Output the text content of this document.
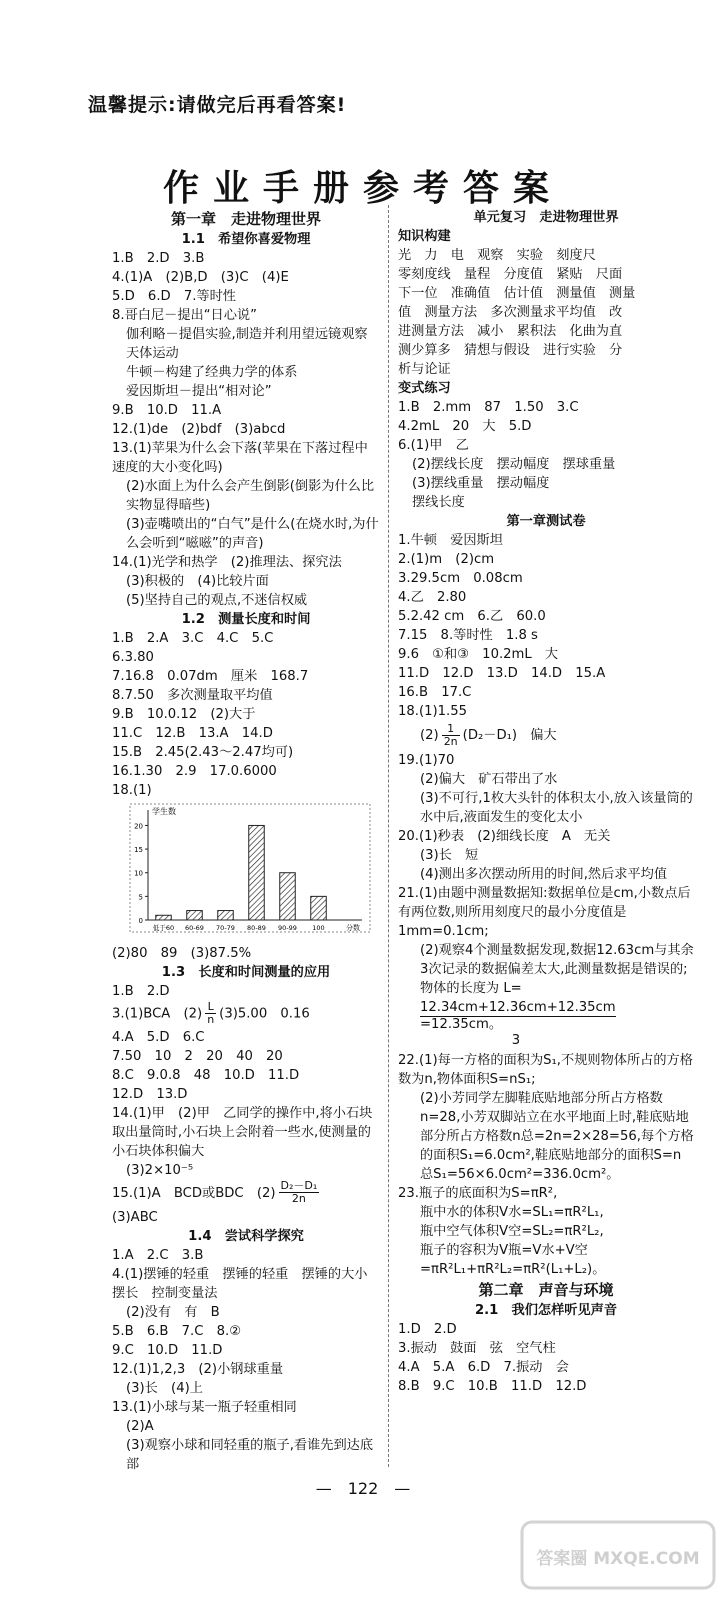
温馨提示:请做完后再看答案!
作业手册参考答案
第一章　走进物理世界
1.1　希望你喜爱物理
1.B　2.D　3.B
4.(1)A　(2)B,D　(3)C　(4)E
5.D　6.D　7.等时性
8.哥白尼－提出“日心说”
伽利略－提倡实验,制造并利用望远镜观察天体运动
牛顿－构建了经典力学的体系
爱因斯坦－提出“相对论”
9.B　10.D　11.A
12.(1)de　(2)bdf　(3)abcd
13.(1)苹果为什么会下落(苹果在下落过程中速度的大小变化吗)
(2)水面上为什么会产生倒影(倒影为什么比实物显得暗些)
(3)壶嘴喷出的“白气”是什么(在烧水时,为什么会听到“嗞嗞”的声音)
14.(1)光学和热学　(2)推理法、探究法
(3)积极的　(4)比较片面
(5)坚持自己的观点,不迷信权威
1.2　测量长度和时间
1.B　2.A　3.C　4.C　5.C
6.3.80
7.16.8　0.07dm　厘米　168.7
8.7.50　多次测量取平均值
9.B　10.0.12　(2)大于
11.C　12.B　13.A　14.D
15.B　2.45(2.43～2.47均可)
16.1.30　2.9　17.0.6000
18.(1)
学生数
0
5
10
15
20
低于60 60-69 70-79 80-89 90-99 100	分数
(2)80　89　(3)87.5%
1.3　长度和时间测量的应用
1.B　2.D
3.(1)BCA　$(2) \frac{L}{n} (3)5.00$　0.16
4.A　5.D　6.C
7.50　10　2　20　40　20
8.C　9.0.8　48　10.D　11.D
12.D　13.D
14.(1)甲　(2)甲　乙同学的操作中,将小石块取出量筒时,小石块上会附着一些水,使测量的小石块体积偏大
(3)2×10⁻⁵
15.(1)A　BCD或BDC　$(2) \frac{\text{D₂－D₁}}{2n}$
(3)ABC
1.4　尝试科学探究
1.A　2.C　3.B
4.(1)摆锤的轻重　摆锤的轻重　摆锤的大小　摆长　控制变量法
(2)没有　有　B
5.B　6.B　7.C　8.②
9.C　10.D　11.D
12.(1)1,2,3　(2)小钢球重量
(3)长　(4)上
13.(1)小球与某一瓶子轻重相同
(2)A
(3)观察小球和同轻重的瓶子,看谁先到达底部
单元复习　走进物理世界
知识构建
光　力　电　观察　实验　刻度尺
零刻度线　量程　分度值　紧贴　尺面
下一位　准确值　估计值　测量值　测量
值　测量方法　多次测量求平均值　改
进测量方法　减小　累积法　化曲为直
测少算多　猜想与假设　进行实验　分
析与论证
变式练习
1.B　2.mm　87　1.50　3.C
4.2mL　20　大　5.D
6.(1)甲　乙
(2)摆线长度　摆动幅度　摆球重量
(3)摆线重量　摆动幅度
摆线长度
第一章测试卷
1.牛顿　爱因斯坦
2.(1)m　(2)cm
3.29.5cm　0.08cm
4.乙　2.80
5.2.42 cm　6.乙　60.0
7.15　8.等时性　1.8 s
9.6　①和③　10.2mL　大
11.D　12.D　13.D　14.D　15.A
16.B　17.C
18.(1)1.55
$(2) \frac{1}{2n} (D_2-D_1)$　偏大
19.(1)70
(2)偏大　矿石带出了水
(3)不可行,1枚大头针的体积太小,放入该量筒的水中后,液面发生的变化太小
20.(1)秒表　(2)细线长度　A　无关
(3)长　短
(4)测出多次摆动所用的时间,然后求平均值
21.(1)由题中测量数据知:数据单位是cm,小数点后有两位数,则所用刻度尺的最小分度值是1mm=0.1cm;
(2)观察4个测量数据发现,数据12.63cm与其余3次记录的数据偏差太大,此测量数据是错误的;
物体的长度为 L=
12.34cm+12.36cm+12.35cm=12.35cm。
3
22.(1)每一方格的面积为S₁,不规则物体所占的方格数为n,物体面积S=nS₁;
(2)小芳同学左脚鞋底贴地部分所占方格数n=28,小芳双脚站立在水平地面上时,鞋底贴地部分所占方格数n总=2n=2×28=56,每个方格的面积S₁=6.0cm²,鞋底贴地部分的面积S=n总S₁=56×6.0cm²=336.0cm²。
23.瓶子的底面积为S=πR²,
瓶中水的体积V水=SL₁=πR²L₁,
瓶中空气体积V空=SL₂=πR²L₂,
瓶子的容积为V瓶=V水+V空=πR²L₁+πR²L₂=πR²(L₁+L₂)。
第二章　声音与环境
2.1　我们怎样听见声音
1.D　2.D
3.振动　鼓面　弦　空气柱
4.A　5.A　6.D　7.振动　会
8.B　9.C　10.B　11.D　12.D
—　122　—
答案圈 MXQE.COM
